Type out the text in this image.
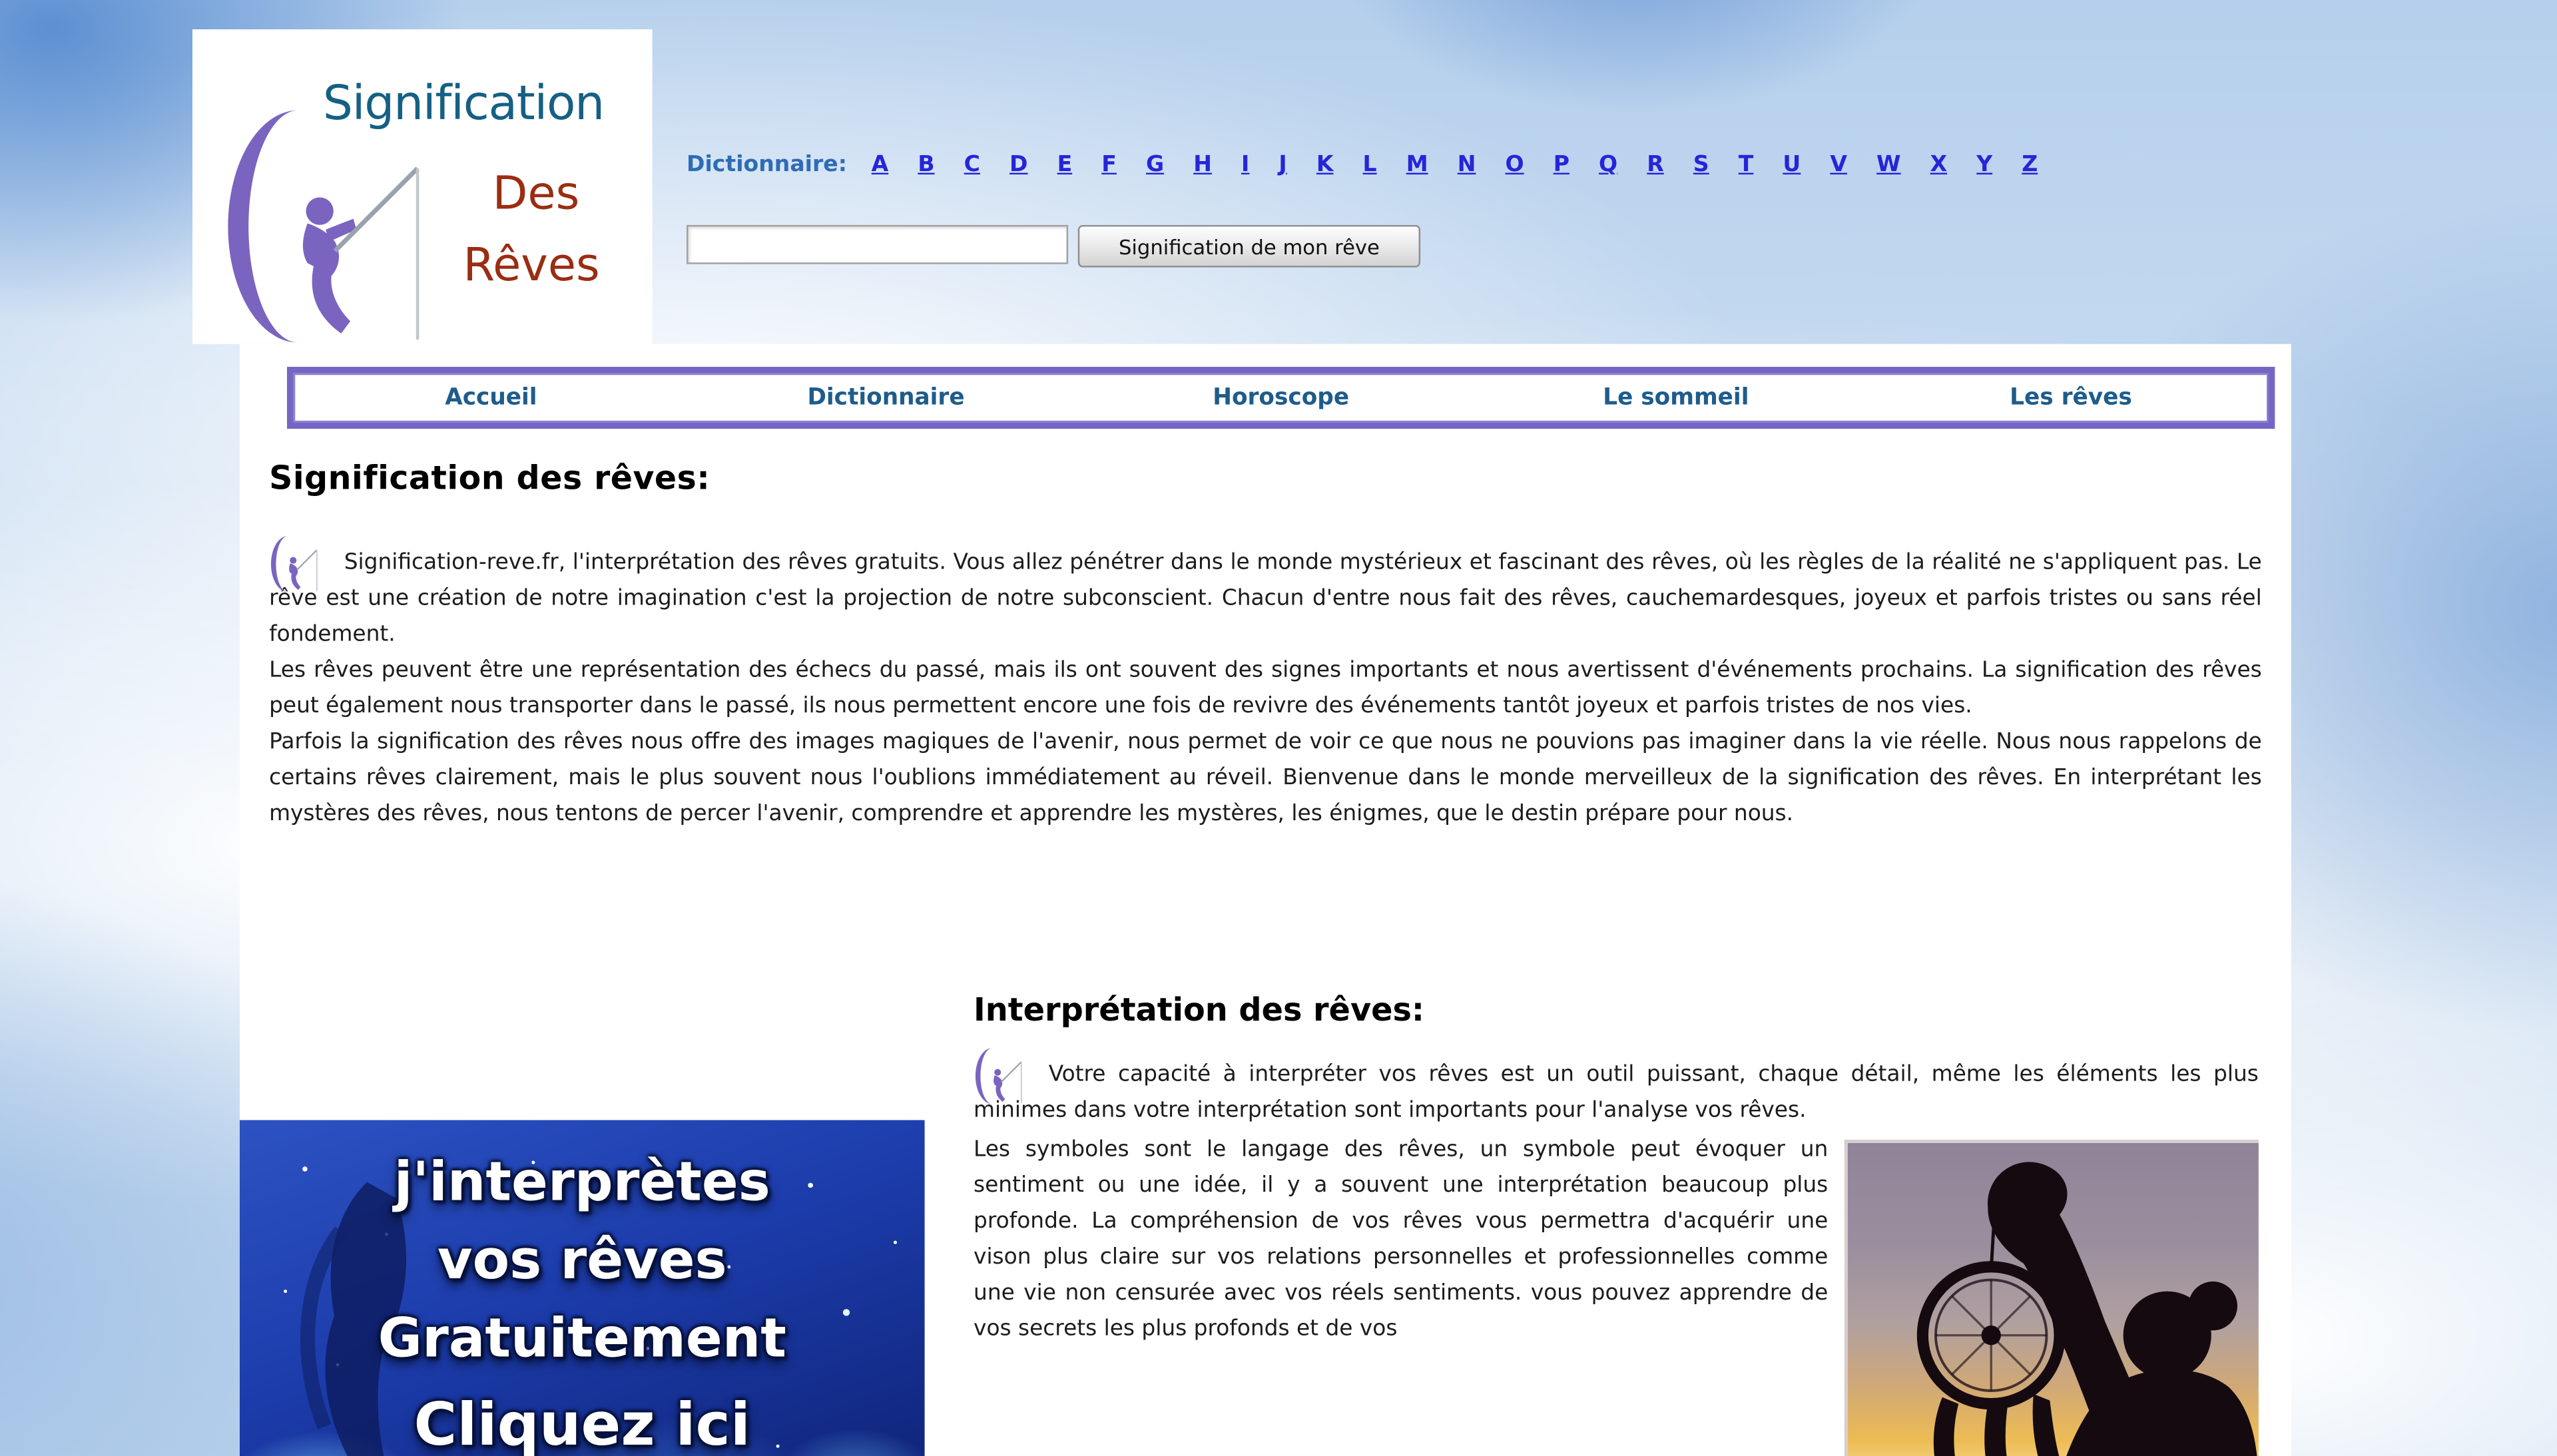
Signification
Des
Rêves
Dictionnaire:	A	B	C	D	E	F	G	H	I	J	K	L	M	N	O	P	Q	R	S	T	U	V	W	X	Y	Z
Signification de mon rêve
Accueil	Dictionnaire	Horoscope	Le sommeil	Les rêves
Signification des rêves:
Signification-reve.fr, l'interprétation des rêves gratuits. Vous allez pénétrer dans le monde mystérieux et fascinant des rêves, où les règles de la réalité ne s'appliquent pas. Le rêve est une création de notre imagination c'est la projection de notre subconscient. Chacun d'entre nous fait des rêves, cauchemardesques, joyeux et parfois tristes ou sans réel fondement.
Les rêves peuvent être une représentation des échecs du passé, mais ils ont souvent des signes importants et nous avertissent d'événements prochains. La signification des rêves peut également nous transporter dans le passé, ils nous permettent encore une fois de revivre des événements tantôt joyeux et parfois tristes de nos vies.
Parfois la signification des rêves nous offre des images magiques de l'avenir, nous permet de voir ce que nous ne pouvions pas imaginer dans la vie réelle. Nous nous rappelons de certains rêves clairement, mais le plus souvent nous l'oublions immédiatement au réveil. Bienvenue dans le monde merveilleux de la signification des rêves. En interprétant les mystères des rêves, nous tentons de percer l'avenir, comprendre et apprendre les mystères, les énigmes, que le destin prépare pour nous.
Interprétation des rêves:
j'interprètes
vos rêves
Gratuitement
Cliquez ici
Votre capacité à interpréter vos rêves est un outil puissant, chaque détail, même les éléments les plus minimes dans votre interprétation sont importants pour l'analyse vos rêves.
Les symboles sont le langage des rêves, un symbole peut évoquer un sentiment ou une idée, il y a souvent une interprétation beaucoup plus profonde. La compréhension de vos rêves vous permettra d'acquérir une vison plus claire sur vos relations personnelles et professionnelles comme une vie non censurée avec vos réels sentiments. vous pouvez apprendre de vos secrets les plus profonds et de vos
